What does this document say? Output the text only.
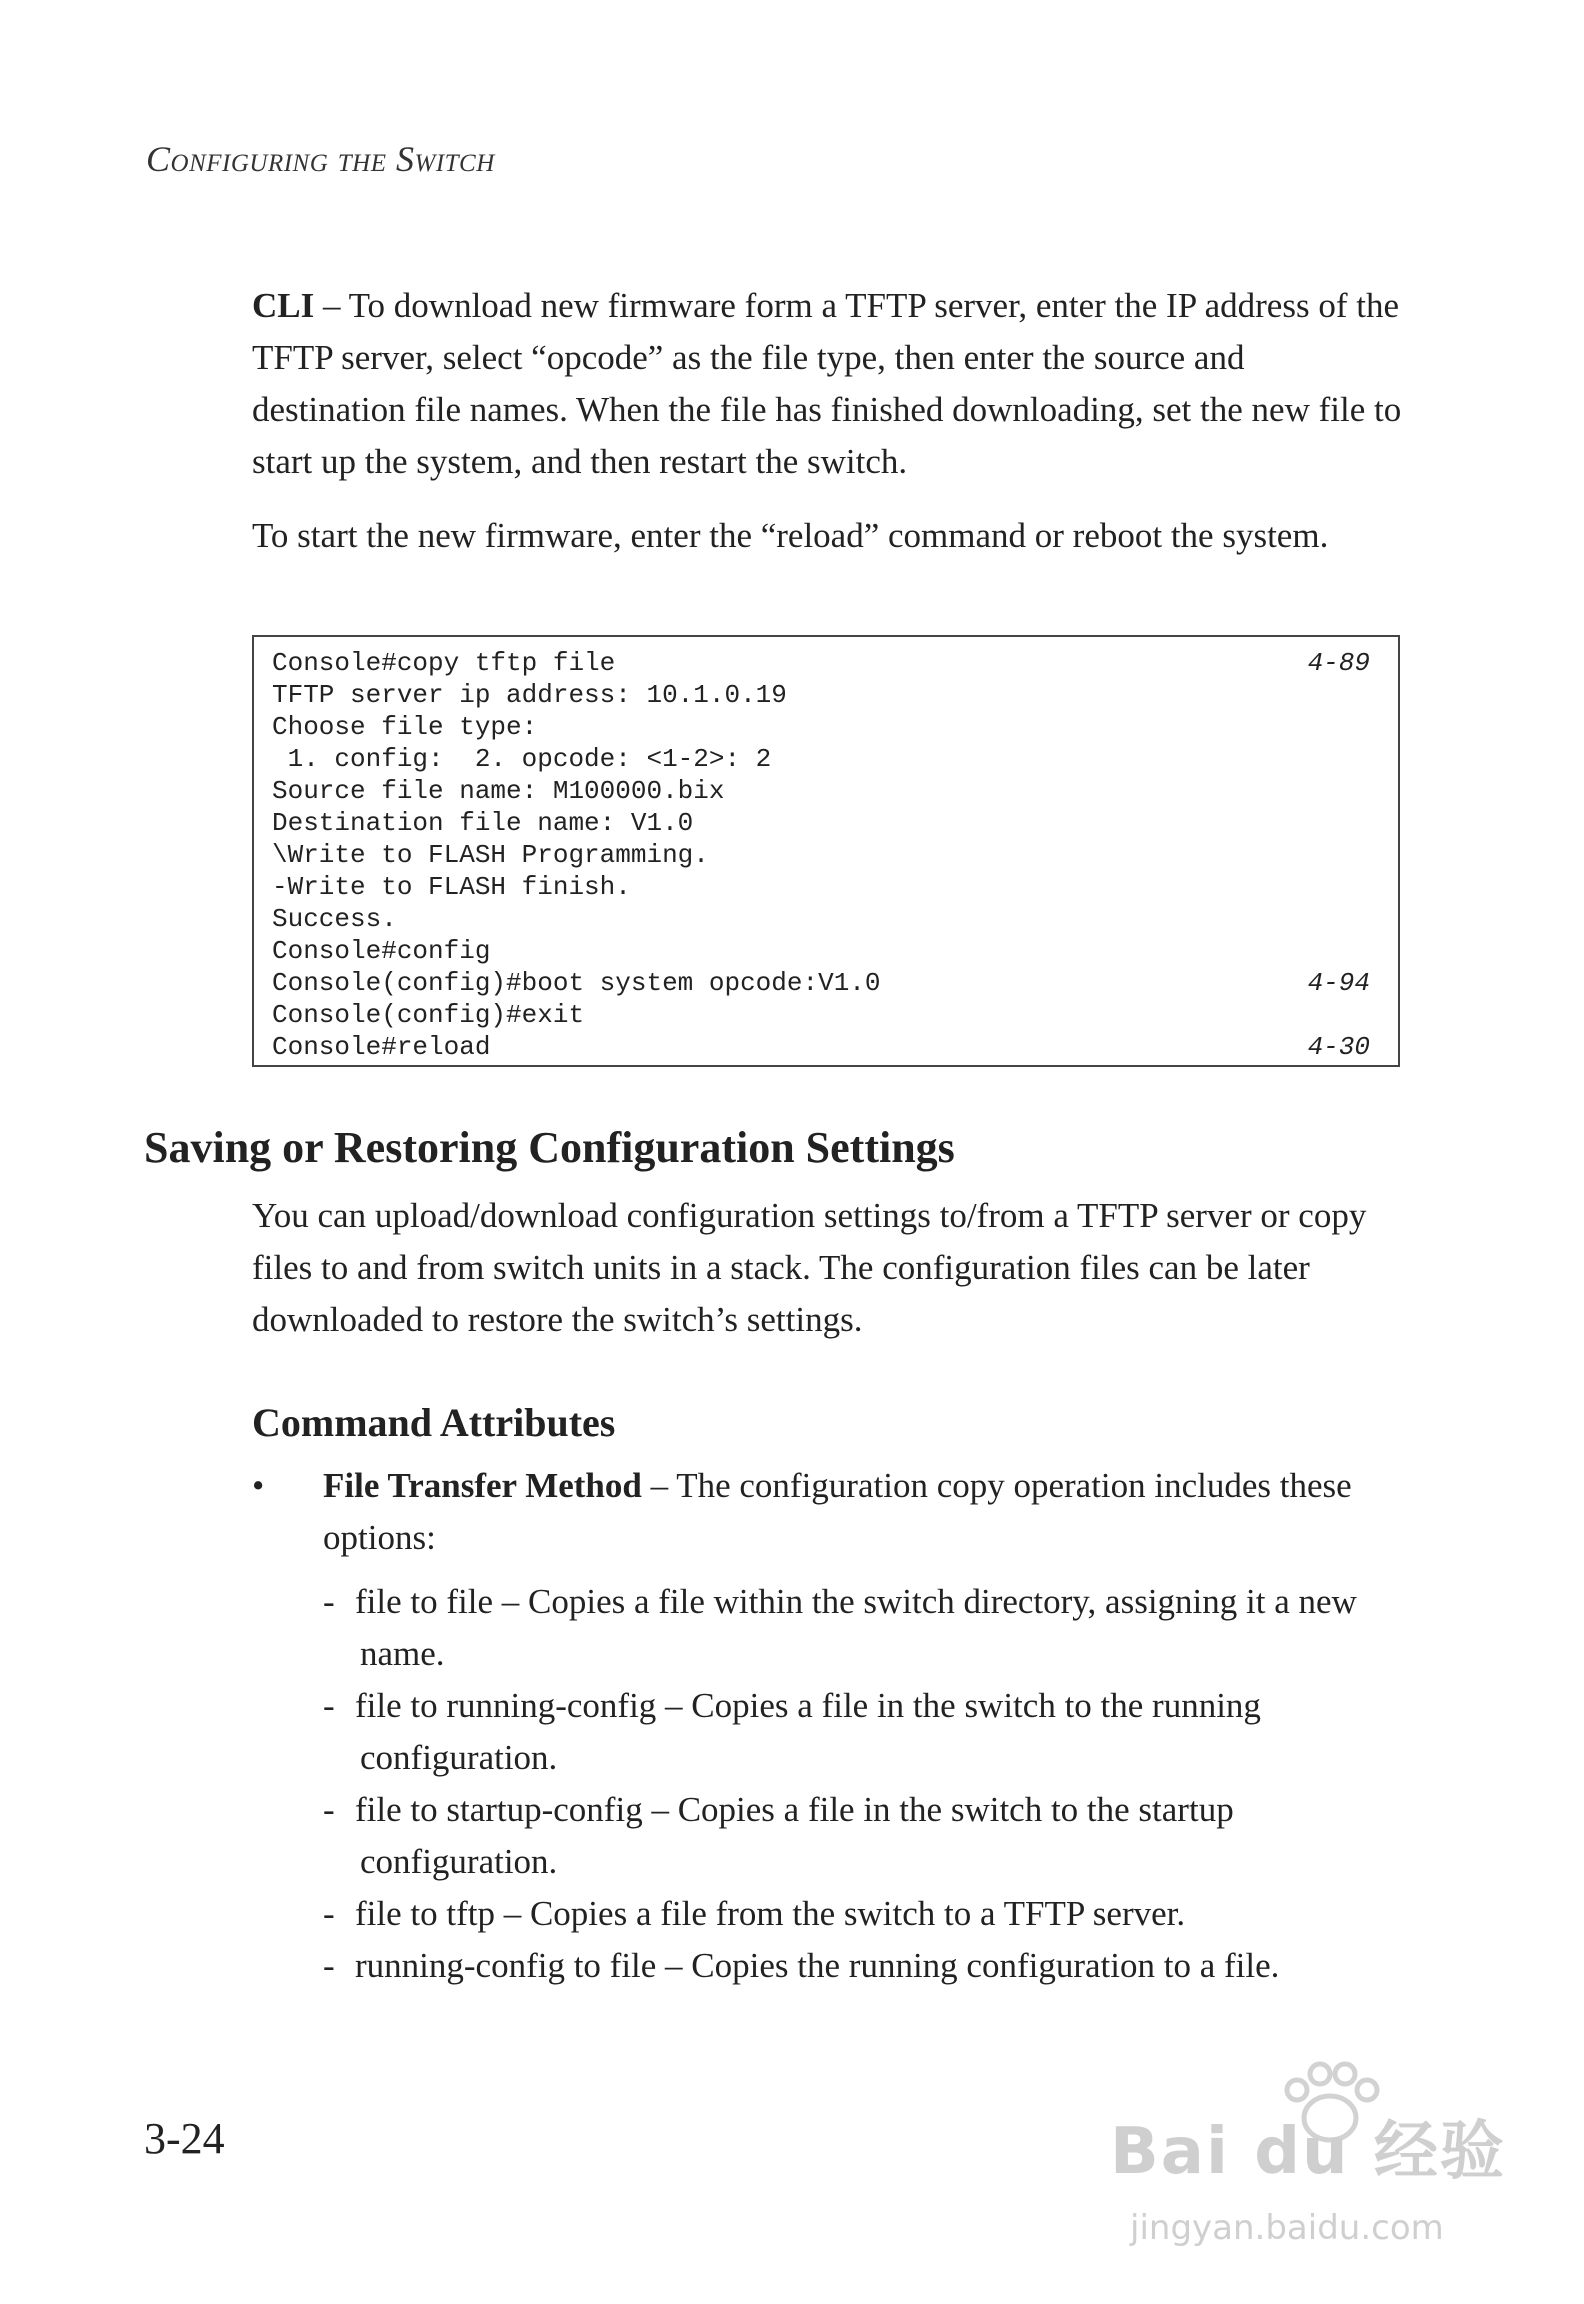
Configuring the Switch
CLI – To download new firmware form a TFTP server, enter the IP address of the TFTP server, select “opcode” as the file type, then enter the source and destination file names. When the file has finished downloading, set the new file to start up the system, and then restart the switch.
To start the new firmware, enter the “reload” command or reboot the system.
Console#copy tftp file	4-89
TFTP server ip address: 10.1.0.19
Choose file type:
1. config:  2. opcode: <1-2>: 2
Source file name: M100000.bix
Destination file name: V1.0
\Write to FLASH Programming.
-Write to FLASH finish.
Success.
Console#config
Console(config)#boot system opcode:V1.0	4-94
Console(config)#exit
Console#reload	4-30
Saving or Restoring Configuration Settings
You can upload/download configuration settings to/from a TFTP server or copy files to and from switch units in a stack. The configuration files can be later downloaded to restore the switch’s settings.
Command Attributes
• File Transfer Method – The configuration copy operation includes these options:
- file to file – Copies a file within the switch directory, assigning it a new
name.
- file to running-config – Copies a file in the switch to the running
configuration.
- file to startup-config – Copies a file in the switch to the startup
configuration.
- file to tftp – Copies a file from the switch to a TFTP server.
- running-config to file – Copies the running configuration to a file.
3-24	Bai du 经验
jingyan.baidu.com
